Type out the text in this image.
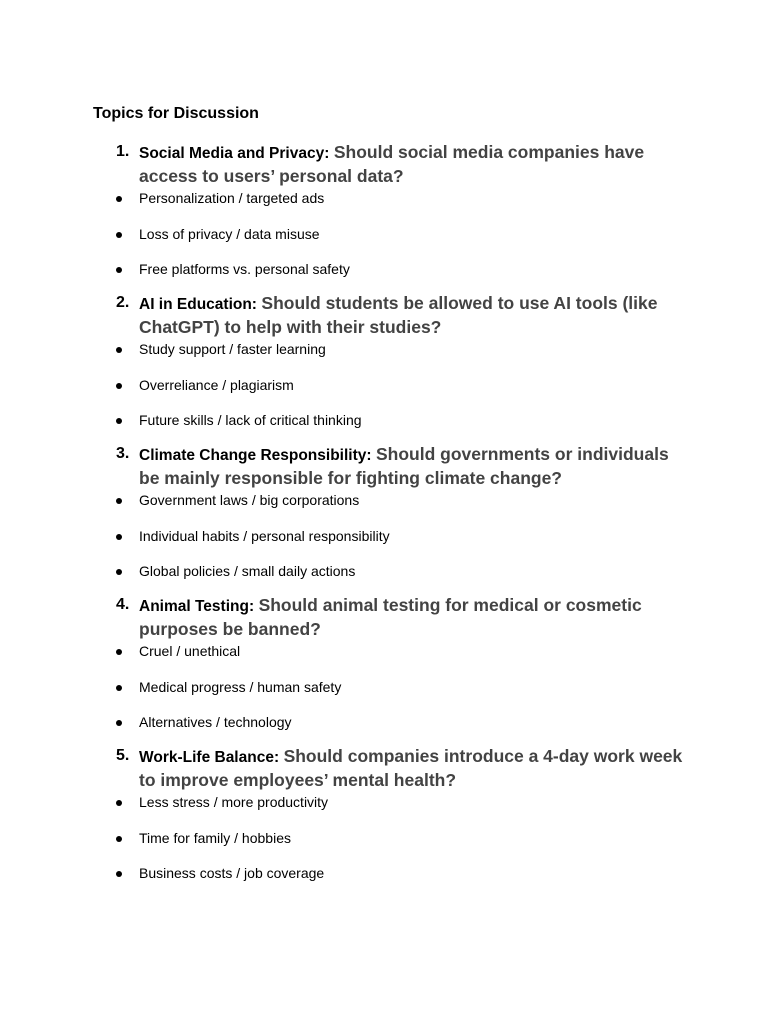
Topics for Discussion
1. Social Media and Privacy: Should social media companies have access to users’ personal data?

Personalization / targeted ads
Loss of privacy / data misuse
Free platforms vs. personal safety
2. AI in Education: Should students be allowed to use AI tools (like ChatGPT) to help with their studies?

Study support / faster learning
Overreliance / plagiarism
Future skills / lack of critical thinking
3. Climate Change Responsibility: Should governments or individuals be mainly responsible for fighting climate change?

Government laws / big corporations
Individual habits / personal responsibility
Global policies / small daily actions
4. Animal Testing: Should animal testing for medical or cosmetic purposes be banned?

Cruel / unethical
Medical progress / human safety
Alternatives / technology
5. Work-Life Balance: Should companies introduce a 4-day work week to improve employees’ mental health?

Less stress / more productivity
Time for family / hobbies
Business costs / job coverage
